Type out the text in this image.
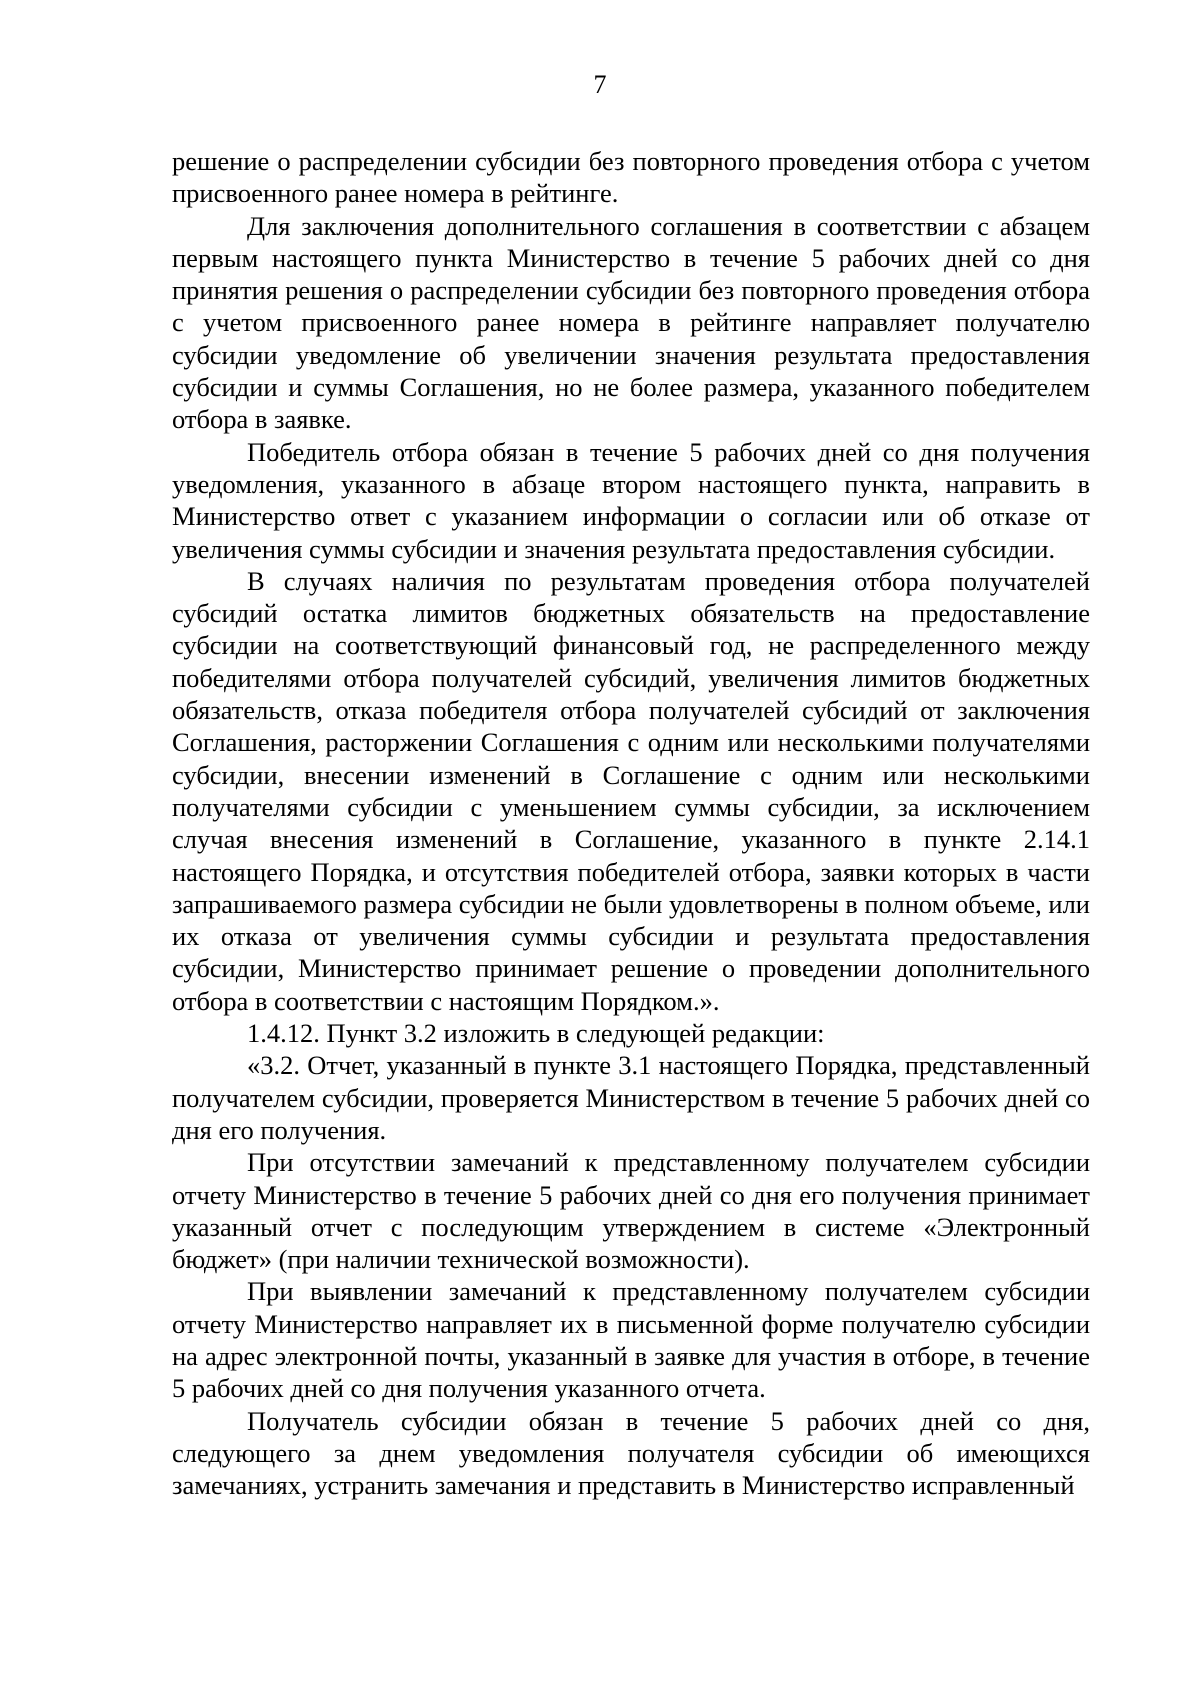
7

решение о распределении субсидии без повторного проведения отбора с учетом присвоенного ранее номера в рейтинге.

Для заключения дополнительного соглашения в соответствии с абзацем первым настоящего пункта Министерство в течение 5 рабочих дней со дня принятия решения о распределении субсидии без повторного проведения отбора с учетом присвоенного ранее номера в рейтинге направляет получателю субсидии уведомление об увеличении значения результата предоставления субсидии и суммы Соглашения, но не более размера, указанного победителем отбора в заявке.

Победитель отбора обязан в течение 5 рабочих дней со дня получения уведомления, указанного в абзаце втором настоящего пункта, направить в Министерство ответ с указанием информации о согласии или об отказе от увеличения суммы субсидии и значения результата предоставления субсидии.

В случаях наличия по результатам проведения отбора получателей субсидий остатка лимитов бюджетных обязательств на предоставление субсидии на соответствующий финансовый год, не распределенного между победителями отбора получателей субсидий, увеличения лимитов бюджетных обязательств, отказа победителя отбора получателей субсидий от заключения Соглашения, расторжении Соглашения с одним или несколькими получателями субсидии, внесении изменений в Соглашение с одним или несколькими получателями субсидии с уменьшением суммы субсидии, за исключением случая внесения изменений в Соглашение, указанного в пункте 2.14.1 настоящего Порядка, и отсутствия победителей отбора, заявки которых в части запрашиваемого размера субсидии не были удовлетворены в полном объеме, или их отказа от увеличения суммы субсидии и результата предоставления субсидии, Министерство принимает решение о проведении дополнительного отбора в соответствии с настоящим Порядком.».

1.4.12. Пункт 3.2 изложить в следующей редакции:

«3.2. Отчет, указанный в пункте 3.1 настоящего Порядка, представленный получателем субсидии, проверяется Министерством в течение 5 рабочих дней со дня его получения.

При отсутствии замечаний к представленному получателем субсидии отчету Министерство в течение 5 рабочих дней со дня его получения принимает указанный отчет с последующим утверждением в системе «Электронный бюджет» (при наличии технической возможности).

При выявлении замечаний к представленному получателем субсидии отчету Министерство направляет их в письменной форме получателю субсидии на адрес электронной почты, указанный в заявке для участия в отборе, в течение 5 рабочих дней со дня получения указанного отчета.

Получатель субсидии обязан в течение 5 рабочих дней со дня, следующего за днем уведомления получателя субсидии об имеющихся замечаниях, устранить замечания и представить в Министерство исправленный
